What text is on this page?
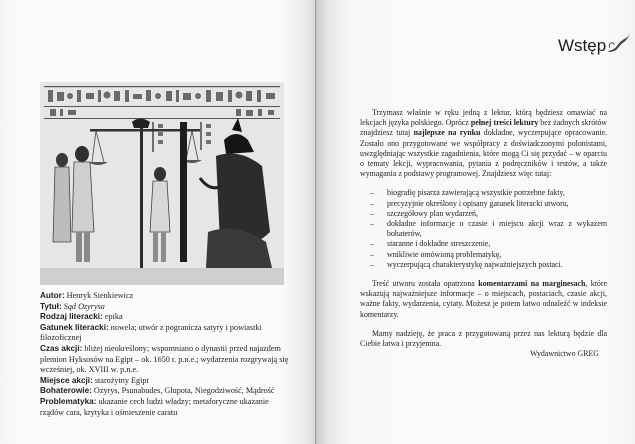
Autor: Henryk Sienkiewicz

Tytuł: Sąd Ozyrysa

Rodzaj literacki: epika

Gatunek literacki: nowela; utwór z pogranicza satyry i powiastki filozoficznej

Czas akcji: bliżej nieokreślony; wspomniano o dynastii przed najazdem plemion Hyksosów na Egipt – ok. 1650 r. p.n.e.; wydarzenia rozgrywają się wcześniej, ok. XVIII w. p.n.e.

Miejsce akcji: starożytny Egipt

Bohaterowie: Ozyrys, Psunabudes, Głupota, Niegodziwość, Mądrość

Problematyka: ukazanie cech ludzi władzy; metaforyczne ukazanie rządów cara, krytyka i ośmieszenie caratu

Wstęp

Trzymasz właśnie w ręku jedną z lektur, którą będziesz omawiać na lekcjach języka polskiego. Oprócz pełnej treści lektury bez żadnych skrótów znajdziesz tutaj najlepsze na rynku dokładne, wyczerpujące opracowanie. Zostało ono przygotowane we współpracy z doświadczonymi polonistami, uwzględniając wszystkie zagadnienia, które mogą Ci się przydać – w oparciu o tematy lekcji, wypracowania, pytania z podręczników i testów, a także wymagania z podstawy programowej. Znajdziesz więc tutaj:

– biografię pisarza zawierającą wszystkie potrzebne fakty,
– precyzyjnie określony i opisany gatunek literacki utworu,
– szczegółowy plan wydarzeń,
– dokładne informacje o czasie i miejscu akcji wraz z wykazem bohaterów,
– staranne i dokładne streszczenie,
– wnikliwie omówioną problematykę,
– wyczerpującą charakterystykę najważniejszych postaci.

Treść utworu została opatrzona komentarzami na marginesach, które wskazują najważniejsze informacje – o miejscach, postaciach, czasie akcji, ważne fakty, wydarzenia, cytaty. Możesz je potem łatwo odnaleźć w indeksie komentarzy.

Mamy nadzieję, że praca z przygotowaną przez nas lekturą będzie dla Ciebie łatwa i przyjemna.

Wydawnictwo GREG
